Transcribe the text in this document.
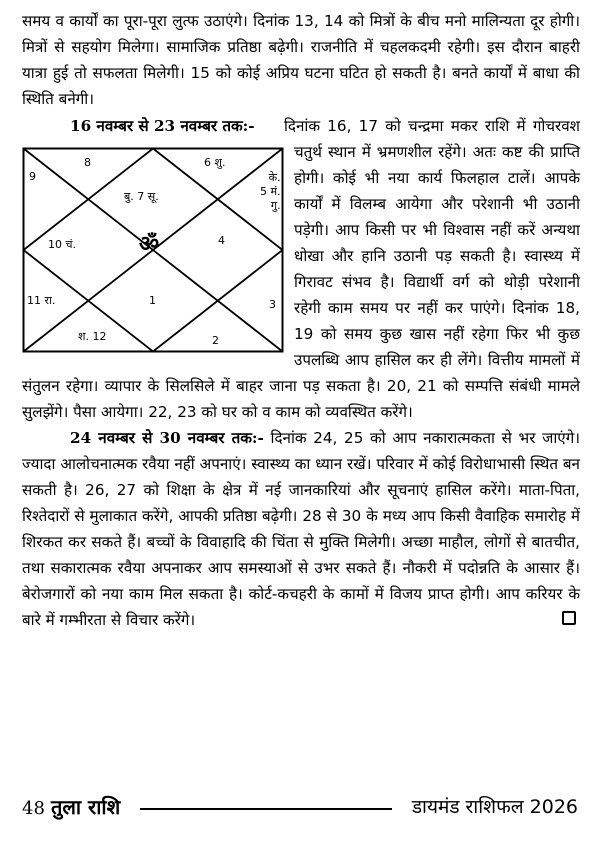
समय व कार्यों का पूरा-पूरा लुत्फ उठाएंगे। दिनांक 13, 14 को मित्रों के बीच मनो मालिन्यता दूर होगी। मित्रों से सहयोग मिलेगा। सामाजिक प्रतिष्ठा बढ़ेगी। राजनीति में चहलकदमी रहेगी। इस दौरान बाहरी यात्रा हुई तो सफलता मिलेगी। 15 को कोई अप्रिय घटना घटित हो सकती है। बनते कार्यों में बाधा की स्थिति बनेगी।

16 नवम्बर से 23 नवम्बर तक:-

9
8	6 शु.
बु. 7 सू.
के.
5 मं.
गु.
10 चं.	ॐ	4
11 रा.	1	3
श. 12	2

दिनांक 16, 17 को चन्द्रमा मकर राशि में गोचरवश चतुर्थ स्थान में भ्रमणशील रहेंगे। अतः कष्ट की प्राप्ति होगी। कोई भी नया कार्य फिलहाल टालें। आपके कार्यों में विलम्ब आयेगा और परेशानी भी उठानी पड़ेगी। आप किसी पर भी विश्वास नहीं करें अन्यथा धोखा और हानि उठानी पड़ सकती है। स्वास्थ्य में गिरावट संभव है। विद्यार्थी वर्ग को थोड़ी परेशानी रहेगी काम समय पर नहीं कर पाएंगे। दिनांक 18, 19 को समय कुछ खास नहीं रहेगा फिर भी कुछ उपलब्धि आप हासिल कर ही लेंगे। वित्तीय मामलों में संतुलन रहेगा। व्यापार के सिलसिले में बाहर जाना पड़ सकता है। 20, 21 को सम्पत्ति संबंधी मामले सुलझेंगे। पैसा आयेगा। 22, 23 को घर को व काम को व्यवस्थित करेंगे।

24 नवम्बर से 30 नवम्बर तक:- दिनांक 24, 25 को आप नकारात्मकता से भर जाएंगे। ज्यादा आलोचनात्मक रवैया नहीं अपनाएं। स्वास्थ्य का ध्यान रखें। परिवार में कोई विरोधाभासी स्थित बन सकती है। 26, 27 को शिक्षा के क्षेत्र में नई जानकारियां और सूचनाएं हासिल करेंगे। माता-पिता, रिश्तेदारों से मुलाकात करेंगे, आपकी प्रतिष्ठा बढ़ेगी। 28 से 30 के मध्य आप किसी वैवाहिक समारोह में शिरकत कर सकते हैं। बच्चों के विवाहादि की चिंता से मुक्ति मिलेगी। अच्छा माहौल, लोगों से बातचीत, तथा सकारात्मक रवैया अपनाकर आप समस्याओं से उभर सकते हैं। नौकरी में पदोन्नति के आसार हैं। बेरोजगारों को नया काम मिल सकता है। कोर्ट-कचहरी के कामों में विजय प्राप्त होगी। आप करियर के बारे में गम्भीरता से विचार करेंगे।

48 तुला राशि	डायमंड राशिफल 2026
